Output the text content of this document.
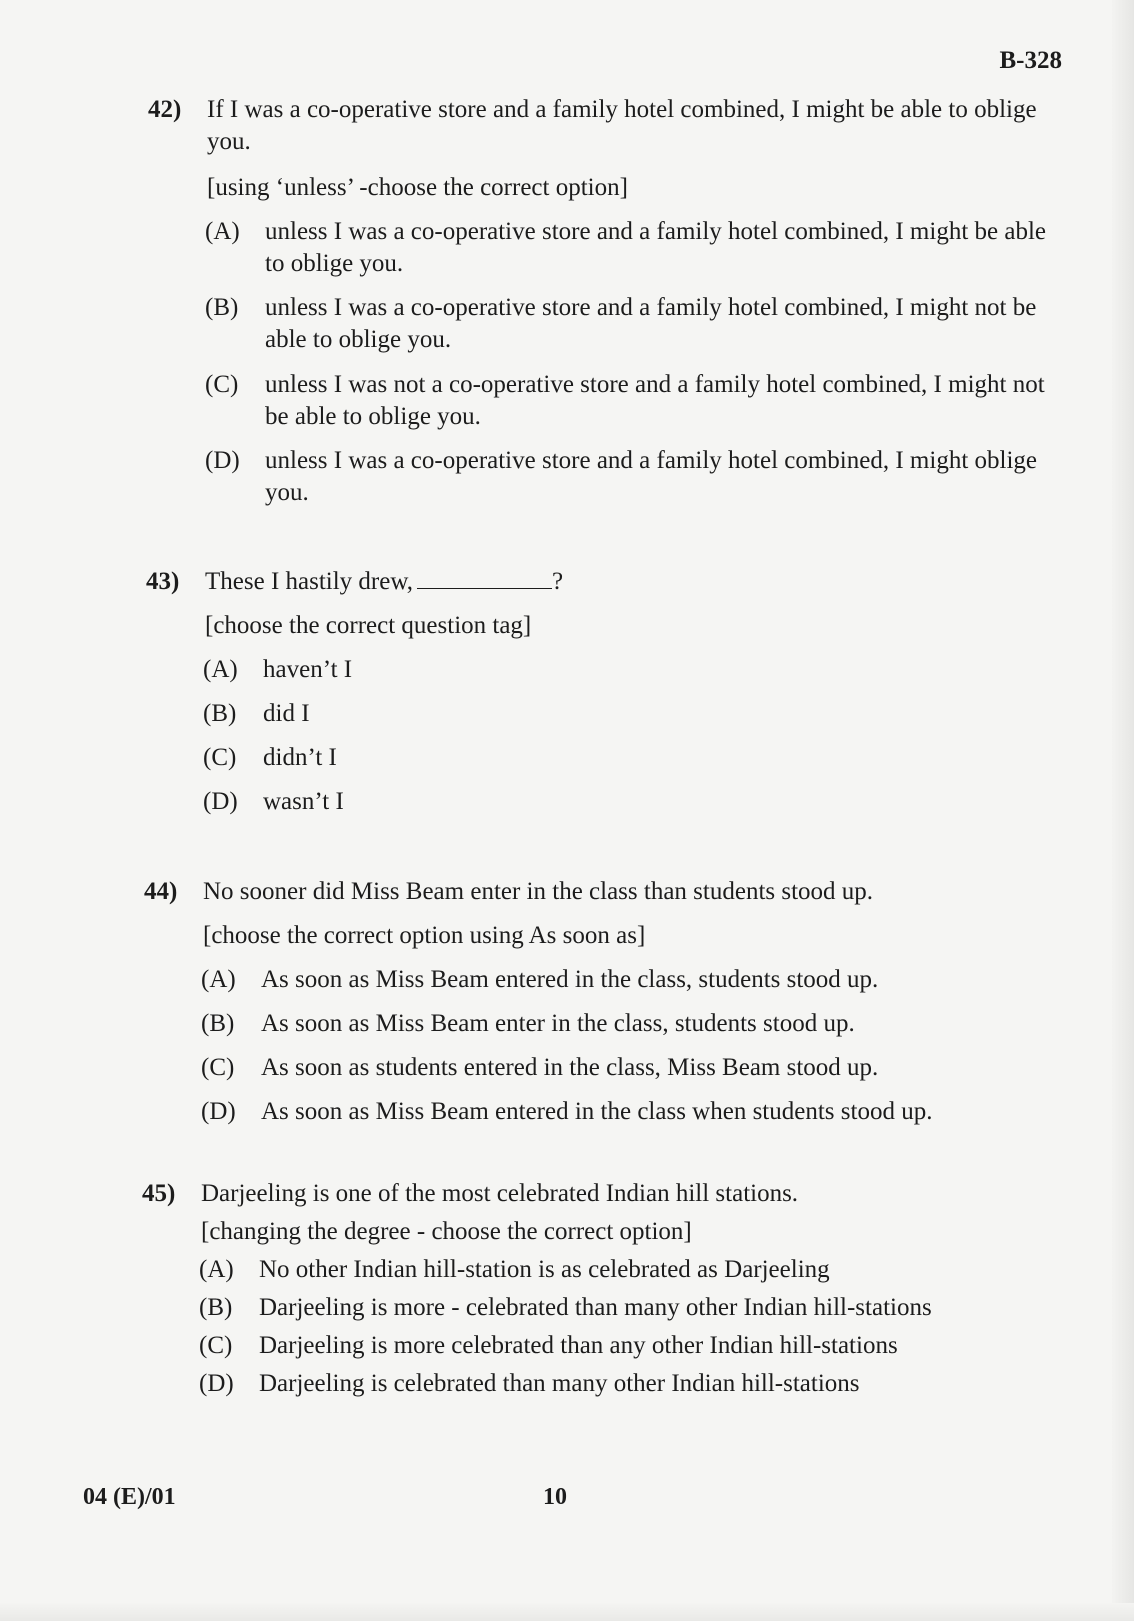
B-328
42) If I was a co-operative store and a family hotel combined, I might be able to oblige you.
[using ‘unless’ -choose the correct option]
(A) unless I was a co-operative store and a family hotel combined, I might be able to oblige you.
(B) unless I was a co-operative store and a family hotel combined, I might not be able to oblige you.
(C) unless I was not a co-operative store and a family hotel combined, I might not be able to oblige you.
(D) unless I was a co-operative store and a family hotel combined, I might oblige you.
43) These I hastily drew,	?
[choose the correct question tag]
(A) haven’t I
(B) did I
(C) didn’t I
(D) wasn’t I
44) No sooner did Miss Beam enter in the class than students stood up.
[choose the correct option using As soon as]
(A) As soon as Miss Beam entered in the class, students stood up.
(B) As soon as Miss Beam enter in the class, students stood up.
(C) As soon as students entered in the class, Miss Beam stood up.
(D) As soon as Miss Beam entered in the class when students stood up.
45) Darjeeling is one of the most celebrated Indian hill stations.
[changing the degree - choose the correct option]
(A) No other Indian hill-station is as celebrated as Darjeeling
(B) Darjeeling is more - celebrated than many other Indian hill-stations
(C) Darjeeling is more celebrated than any other Indian hill-stations
(D) Darjeeling is celebrated than many other Indian hill-stations
04 (E)/01	10
